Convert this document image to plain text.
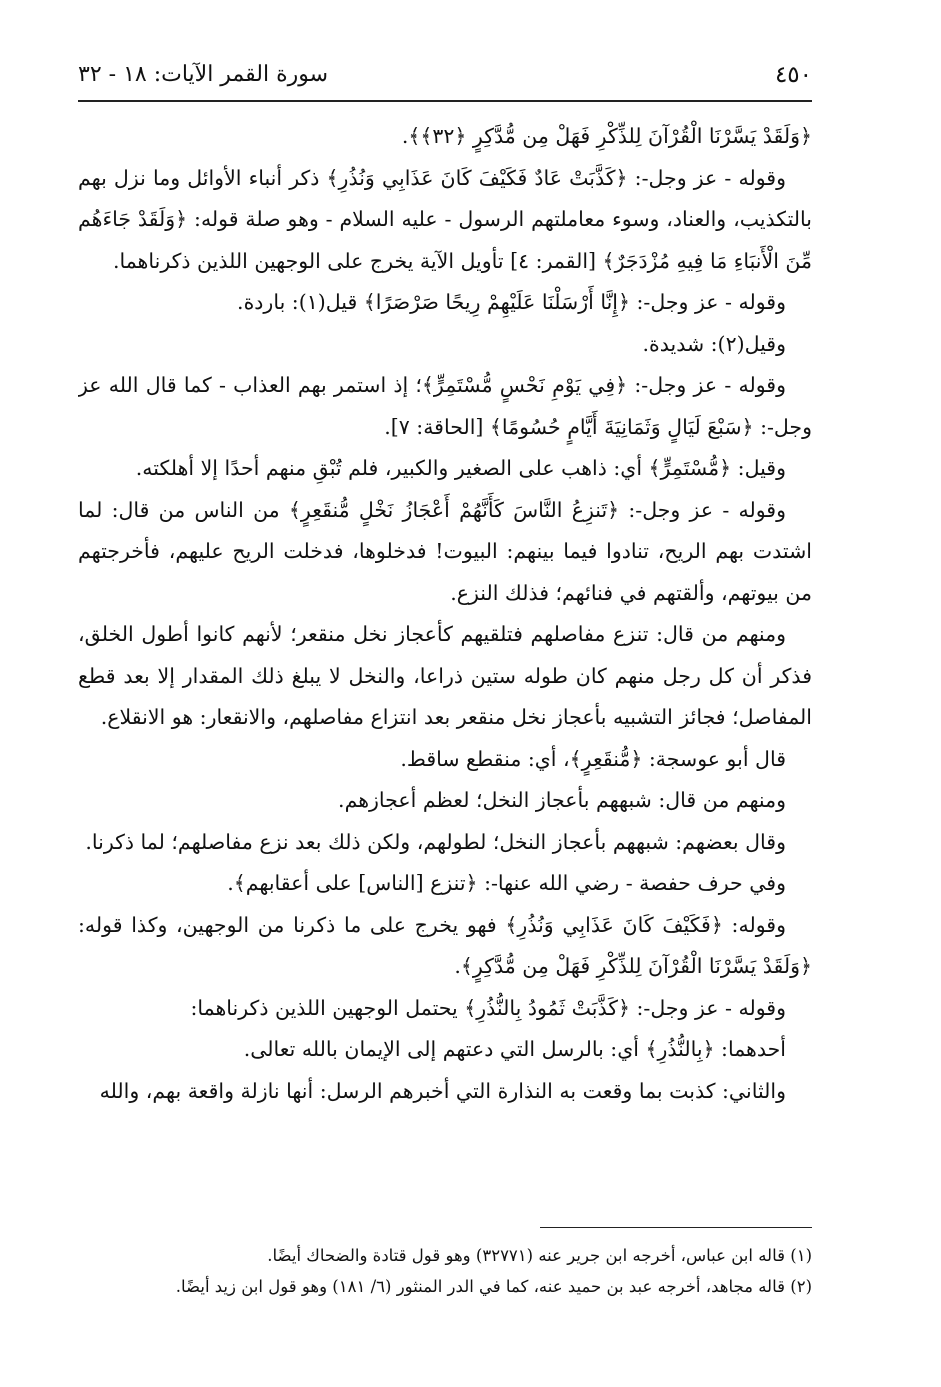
٤٥٠
سورة القمر الآيات: ١٨ - ٣٢

﴿وَلَقَدْ يَسَّرْنَا الْقُرْآنَ لِلذِّكْرِ فَهَلْ مِن مُّدَّكِرٍ ﴿٣٢﴾﴾.

وقوله - عز وجل-: ﴿كَذَّبَتْ عَادٌ فَكَيْفَ كَانَ عَذَابِي وَنُذُرِ﴾ ذكر أنباء الأوائل وما نزل بهم بالتكذيب، والعناد، وسوء معاملتهم الرسول - عليه السلام - وهو صلة قوله: ﴿وَلَقَدْ جَاءَهُم مِّنَ الْأَنبَاءِ مَا فِيهِ مُزْدَجَرٌ﴾ [القمر: ٤] تأويل الآية يخرج على الوجهين اللذين ذكرناهما.

وقوله - عز وجل-: ﴿إِنَّا أَرْسَلْنَا عَلَيْهِمْ رِيحًا صَرْصَرًا﴾ قيل(١): باردة.

وقيل(٢): شديدة.

وقوله - عز وجل-: ﴿فِي يَوْمِ نَحْسٍ مُّسْتَمِرٍّ﴾؛ إذ استمر بهم العذاب - كما قال الله عز وجل-: ﴿سَبْعَ لَيَالٍ وَثَمَانِيَةَ أَيَّامٍ حُسُومًا﴾ [الحاقة: ٧].

وقيل: ﴿مُّسْتَمِرٍّ﴾ أي: ذاهب على الصغير والكبير، فلم تُبْقِ منهم أحدًا إلا أهلكته.

وقوله - عز وجل-: ﴿تَنزِعُ النَّاسَ كَأَنَّهُمْ أَعْجَازُ نَخْلٍ مُّنقَعِرٍ﴾ من الناس من قال: لما اشتدت بهم الريح، تنادوا فيما بينهم: البيوت! فدخلوها، فدخلت الريح عليهم، فأخرجتهم من بيوتهم، وألقتهم في فنائهم؛ فذلك النزع.

ومنهم من قال: تنزع مفاصلهم فتلقيهم كأعجاز نخل منقعر؛ لأنهم كانوا أطول الخلق، فذكر أن كل رجل منهم كان طوله ستين ذراعا، والنخل لا يبلغ ذلك المقدار إلا بعد قطع المفاصل؛ فجائز التشبيه بأعجاز نخل منقعر بعد انتزاع مفاصلهم، والانقعار: هو الانقلاع.

قال أبو عوسجة: ﴿مُّنقَعِرٍ﴾، أي: منقطع ساقط.

ومنهم من قال: شبههم بأعجاز النخل؛ لعظم أعجازهم.

وقال بعضهم: شبههم بأعجاز النخل؛ لطولهم، ولكن ذلك بعد نزع مفاصلهم؛ لما ذكرنا.

وفي حرف حفصة - رضي الله عنها-: ﴿تنزع [الناس] على أعقابهم﴾.

وقوله: ﴿فَكَيْفَ كَانَ عَذَابِي وَنُذُرِ﴾ فهو يخرج على ما ذكرنا من الوجهين، وكذا قوله: ﴿وَلَقَدْ يَسَّرْنَا الْقُرْآنَ لِلذِّكْرِ فَهَلْ مِن مُّدَّكِرٍ﴾.

وقوله - عز وجل-: ﴿كَذَّبَتْ ثَمُودُ بِالنُّذُرِ﴾ يحتمل الوجهين اللذين ذكرناهما:

أحدهما: ﴿بِالنُّذُرِ﴾ أي: بالرسل التي دعتهم إلى الإيمان بالله تعالى.

والثاني: كذبت بما وقعت به النذارة التي أخبرهم الرسل: أنها نازلة واقعة بهم، والله

(١) قاله ابن عباس، أخرجه ابن جرير عنه (٣٢٧٧١) وهو قول قتادة والضحاك أيضًا.

(٢) قاله مجاهد، أخرجه عبد بن حميد عنه، كما في الدر المنثور (٦/ ١٨١) وهو قول ابن زيد أيضًا.
